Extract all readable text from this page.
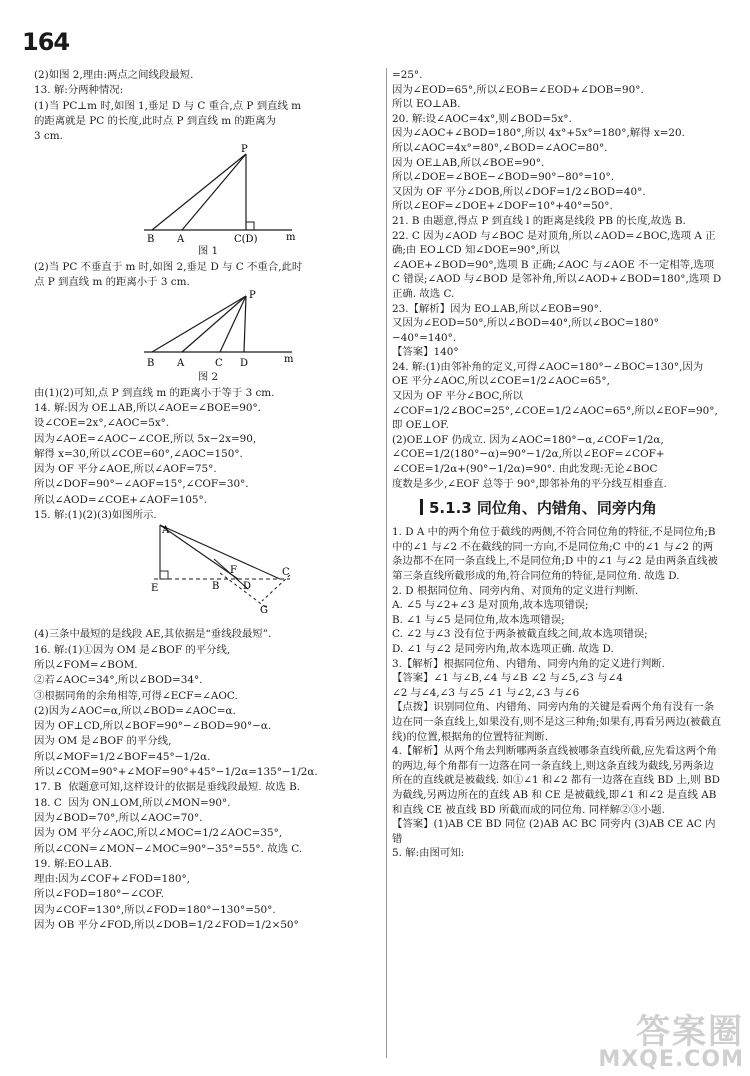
164
(2)如图 2,理由:两点之间线段最短.
13. 解:分两种情况:
(1)当 PC⊥m 时,如图 1,垂足 D 与 C 重合,点 P 到直线 m
的距离就是 PC 的长度,此时点 P 到直线 m 的距离为
3 cm.
P
B A	C(D)	m
图 1
(2)当 PC 不垂直于 m 时,如图 2,垂足 D 与 C 不重合,此时
点 P 到直线 m 的距离小于 3 cm.
P
B A	C D	m
图 2
由(1)(2)可知,点 P 到直线 m 的距离小于等于 3 cm.
14. 解:因为 OE⊥AB,所以∠AOE=∠BOE=90°.
设∠COE=2x°,∠AOC=5x°.
因为∠AOE=∠AOC−∠COE,所以 5x−2x=90,
解得 x=30,所以∠COE=60°,∠AOC=150°.
因为 OF 平分∠AOE,所以∠AOF=75°.
所以∠DOF=90°−∠AOF=15°,∠COF=30°.
所以∠AOD=∠COE+∠AOF=105°.
15. 解:(1)(2)(3)如图所示.
A
E	B D
F	C
G
(4)三条中最短的是线段 AE,其依据是“垂线段最短”.
16. 解:(1)①因为 OM 是∠BOF 的平分线,
所以∠FOM=∠BOM.
②若∠AOC=34°,所以∠BOD=34°.
③根据同角的余角相等,可得∠ECF=∠AOC.
(2)因为∠AOC=α,所以∠BOD=∠AOC=α.
因为 OF⊥CD,所以∠BOF=90°−∠BOD=90°−α.
因为 OM 是∠BOF 的平分线,
所以∠MOF=1/2∠BOF=45°−1/2α.
所以∠COM=90°+∠MOF=90°+45°−1/2α=135°−1/2α.
17. B  依题意可知,这样设计的依据是垂线段最短. 故选 B.
18. C  因为 ON⊥OM,所以∠MON=90°.
因为∠BOD=70°,所以∠AOC=70°.
因为 OM 平分∠AOC,所以∠MOC=1/2∠AOC=35°,
所以∠CON=∠MON−∠MOC=90°−35°=55°. 故选 C.
19. 解:EO⊥AB.
理由:因为∠COF+∠FOD=180°,
所以∠FOD=180°−∠COF.
因为∠COF=130°,所以∠FOD=180°−130°=50°.
因为 OB 平分∠FOD,所以∠DOB=1/2∠FOD=1/2×50°
=25°.
因为∠EOD=65°,所以∠EOB=∠EOD+∠DOB=90°.
所以 EO⊥AB.
20. 解:设∠AOC=4x°,则∠BOD=5x°.
因为∠AOC+∠BOD=180°,所以 4x°+5x°=180°,解得 x=20.
所以∠AOC=4x°=80°,∠BOD=∠AOC=80°.
因为 OE⊥AB,所以∠BOE=90°.
所以∠DOE=∠BOE−∠BOD=90°−80°=10°.
又因为 OF 平分∠DOB,所以∠DOF=1/2∠BOD=40°.
所以∠EOF=∠DOE+∠DOF=10°+40°=50°.
21. B 由题意,得点 P 到直线 l 的距离是线段 PB 的长度,故选 B.
22. C 因为∠AOD 与∠BOC 是对顶角,所以∠AOD=∠BOC,选项 A 正确;由 EO⊥CD 知∠DOE=90°,所以
∠AOE+∠BOD=90°,选项 B 正确;∠AOC 与∠AOE 不一定相等,选项 C 错误;∠AOD 与∠BOD 是邻补角,所以∠AOD+∠BOD=180°,选项 D 正确. 故选 C.
23.【解析】因为 EO⊥AB,所以∠EOB=90°.
又因为∠EOD=50°,所以∠BOD=40°,所以∠BOC=180°−40°=140°.
【答案】140°
24. 解:(1)由邻补角的定义,可得∠AOC=180°−∠BOC=130°,因为 OE 平分∠AOC,所以∠COE=1/2∠AOC=65°,
又因为 OF 平分∠BOC,所以∠COF=1/2∠BOC=25°,∠COE=1/2∠AOC=65°,所以∠EOF=90°,即 OE⊥OF.
(2)OE⊥OF 仍成立. 因为∠AOC=180°−α,∠COF=1/2α,
∠COE=1/2(180°−α)=90°−1/2α,所以∠EOF=∠COF+
∠COE=1/2α+(90°−1/2α)=90°. 由此发现:无论∠BOC
度数是多少,∠EOF 总等于 90°,即邻补角的平分线互相垂直.
5.1.3 同位角、内错角、同旁内角
1. D A 中的两个角位于截线的两侧,不符合同位角的特征,不是同位角;B 中的∠1 与∠2 不在截线的同一方向,不是同位角;C 中的∠1 与∠2 的两条边都不在同一条直线上,不是同位角;D 中的∠1 与∠2 是由两条直线被第三条直线所截形成的角,符合同位角的特征,是同位角. 故选 D.
2. D 根据同位角、同旁内角、对顶角的定义进行判断.
A. ∠5 与∠2+∠3 是对顶角,故本选项错误;
B. ∠1 与∠5 是同位角,故本选项错误;
C. ∠2 与∠3 没有位于两条被截直线之间,故本选项错误;
D. ∠1 与∠2 是同旁内角,故本选项正确. 故选 D.
3.【解析】根据同位角、内错角、同旁内角的定义进行判断.
【答案】∠1 与∠B,∠4 与∠B ∠2 与∠5,∠3 与∠4
∠2 与∠4,∠3 与∠5 ∠1 与∠2,∠3 与∠6
【点拨】识别同位角、内错角、同旁内角的关键是看两个角有没有一条边在同一条直线上,如果没有,则不是这三种角;如果有,再看另两边(被截直线)的位置,根据角的位置特征判断.
4.【解析】从两个角去判断哪两条直线被哪条直线所截,应先看这两个角的两边,每个角都有一边落在同一条直线上,则这条直线为截线,另两条边所在的直线就是被截线. 如①∠1 和∠2 都有一边落在直线 BD 上,则 BD 为截线,另两边所在的直线 AB 和 CE 是被截线,即∠1 和∠2 是直线 AB 和直线 CE 被直线 BD 所截而成的同位角. 同样解②③小题.
【答案】(1)AB CE BD 同位 (2)AB AC BC 同旁内 (3)AB CE AC 内错
5. 解:由图可知:
答案圈
MXQE.COM
